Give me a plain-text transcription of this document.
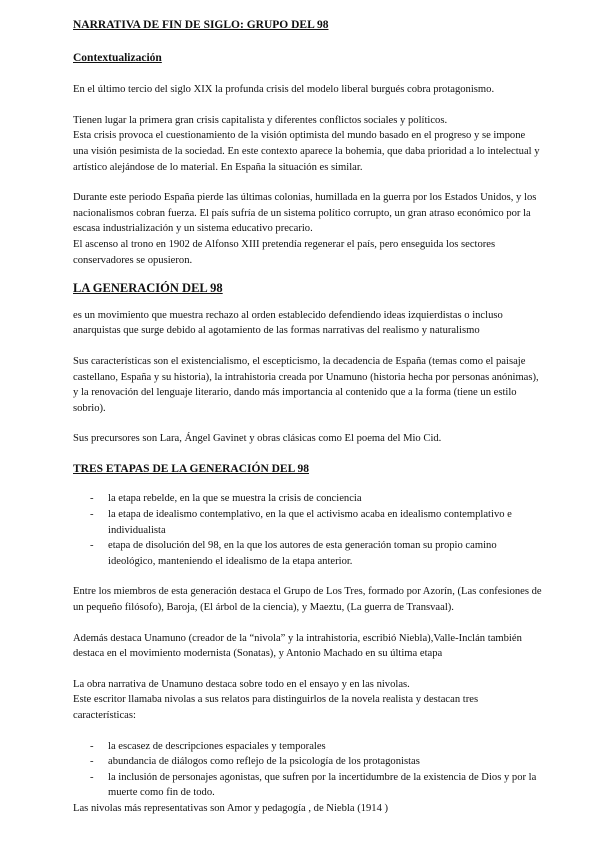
NARRATIVA DE FIN DE SIGLO: GRUPO DEL 98
Contextualización

En el último tercio del siglo XIX la profunda crisis del modelo liberal burgués cobra protagonismo.

Tienen lugar la primera gran crisis capitalista y diferentes conflictos sociales y políticos.

Esta crisis provoca el cuestionamiento de la visión optimista del mundo basado en el progreso y se impone una visión pesimista de la sociedad. En este contexto aparece la bohemia, que daba prioridad a lo intelectual y artístico alejándose de lo material. En España la situación es similar.

Durante este periodo España pierde las últimas colonias, humillada en la guerra por los Estados Unidos, y los nacionalismos cobran fuerza. El país sufría de un sistema político corrupto, un gran atraso económico por la escasa industrialización y un sistema educativo precario.

El ascenso al trono en 1902 de Alfonso XIII pretendía regenerar el país, pero enseguida los sectores conservadores se opusieron.

LA GENERACIÓN DEL 98

es un movimiento que muestra rechazo al orden establecido defendiendo ideas izquierdistas o incluso anarquistas que surge debido al agotamiento de las formas narrativas del realismo y naturalismo

Sus características son el existencialismo, el escepticismo, la decadencia de España (temas como el paisaje castellano, España y su historia), la intrahistoria creada por Unamuno (historia hecha por personas anónimas), y la renovación del lenguaje literario, dando más importancia al contenido que a la forma (tiene un estilo sobrio).

Sus precursores son Lara, Ángel Gavinet y obras clásicas como El poema del Mio Cid.

TRES ETAPAS DE LA GENERACIÓN DEL 98
- la etapa rebelde, en la que se muestra la crisis de conciencia
- la etapa de idealismo contemplativo, en la que el activismo acaba en idealismo contemplativo e individualista
- etapa de disolución del 98, en la que los autores de esta generación toman su propio camino ideológico, manteniendo el idealismo de la etapa anterior.

Entre los miembros de esta generación destaca el Grupo de Los Tres, formado por Azorín, (Las confesiones de un pequeño filósofo), Baroja, (El árbol de la ciencia), y Maeztu, (La guerra de Transvaal).

Además destaca Unamuno (creador de la “nivola” y la intrahistoria, escribió Niebla),Valle-Inclán también destaca en el movimiento modernista (Sonatas), y Antonio Machado en su última etapa

La obra narrativa de Unamuno destaca sobre todo en el ensayo y en las nivolas.

Este escritor llamaba nivolas a sus relatos para distinguirlos de la novela realista y destacan tres características:

- la escasez de descripciones espaciales y temporales
- abundancia de diálogos como reflejo de la psicología de los protagonistas
- la inclusión de personajes agonistas, que sufren por la incertidumbre de la existencia de Dios y por la muerte como fin de todo.

Las nivolas más representativas son Amor y pedagogía , de Niebla (1914 )
